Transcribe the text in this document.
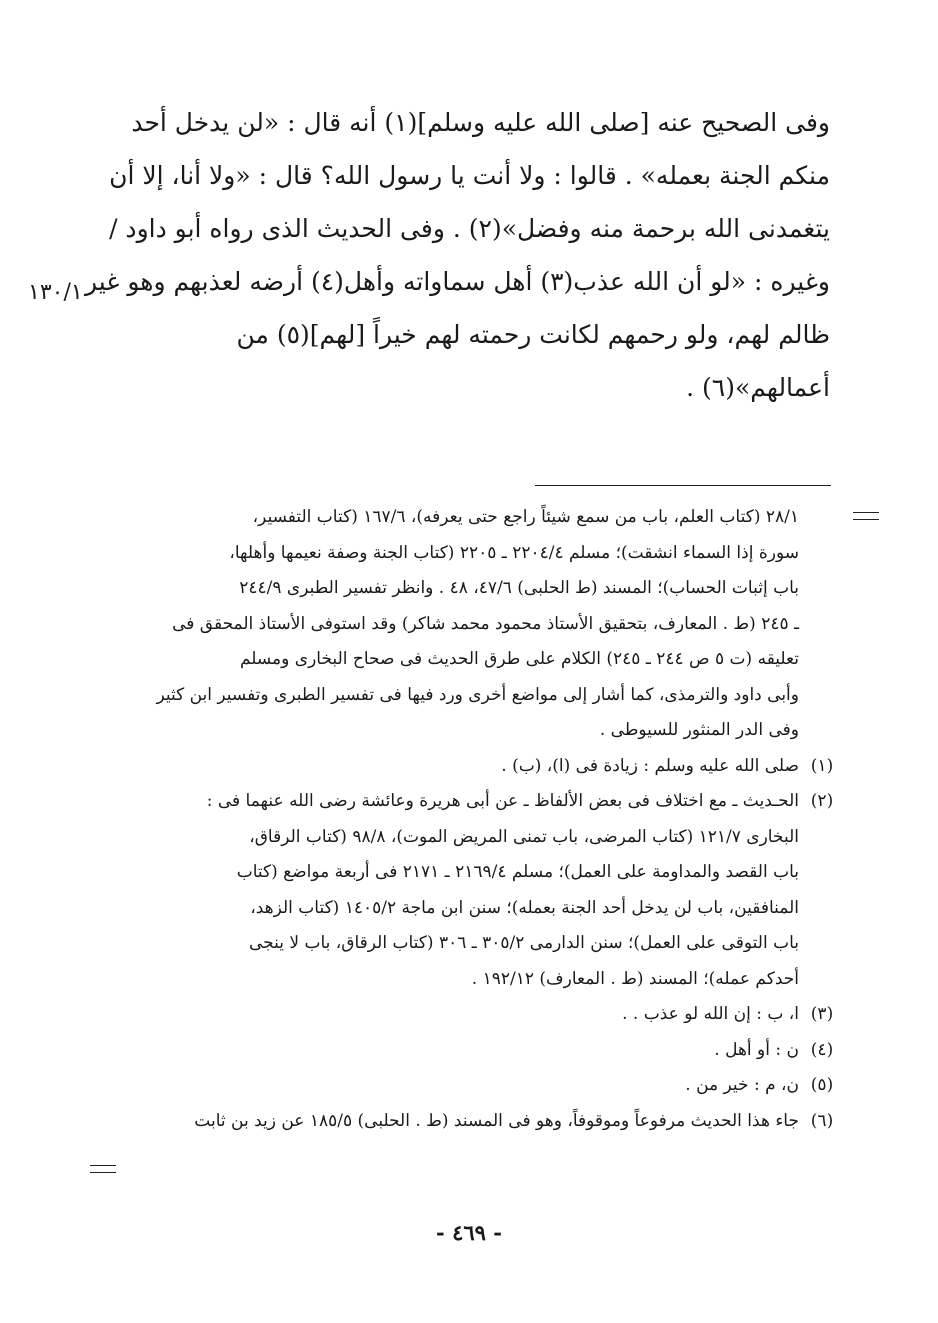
وفى الصحيح عنه [صلى الله عليه وسلم](١) أنه قال : «لن يدخل أحد
منكم الجنة بعمله» . قالوا : ولا أنت يا رسول الله؟ قال : «ولا أنا، إلا أن
يتغمدنى الله برحمة منه وفضل»(٢) . وفى الحديث الذى رواه أبو داود /
وغيره : «لو أن الله عذب(٣) أهل سماواته وأهل(٤) أرضه لعذبهم وهو غير
ظالم لهم، ولو رحمهم لكانت رحمته لهم خيراً [لهم](٥) من
أعمالهم»(٦) .
١٣٠/١
٢٨/١ (كتاب العلم، باب من سمع شيئاً راجع حتى يعرفه)، ١٦٧/٦ (كتاب التفسير،
سورة إذا السماء انشقت)؛ مسلم ٢٢٠٤/٤ ـ ٢٢٠٥ (كتاب الجنة وصفة نعيمها وأهلها،
باب إثبات الحساب)؛ المسند (ط الحلبى) ٤٧/٦، ٤٨ . وانظر تفسير الطبرى ٢٤٤/٩
ـ ٢٤٥ (ط . المعارف، بتحقيق الأستاذ محمود محمد شاكر) وقد استوفى الأستاذ المحقق فى
تعليقه (ت ٥ ص ٢٤٤ ـ ٢٤٥) الكلام على طرق الحديث فى صحاح البخارى ومسلم
وأبى داود والترمذى، كما أشار إلى مواضع أخرى ورد فيها فى تفسير الطبرى وتفسير ابن كثير
وفى الدر المنثور للسيوطى .
(١)
صلى الله عليه وسلم : زيادة فى (ا)، (ب) .
(٢)
الحـديث ـ مع اختلاف فى بعض الألفاظ ـ عن أبى هريرة وعائشة رضى الله عنهما فى :
البخارى ١٢١/٧ (كتاب المرضى، باب تمنى المريض الموت)، ٩٨/٨ (كتاب الرقاق،
باب القصد والمداومة على العمل)؛ مسلم ٢١٦٩/٤ ـ ٢١٧١ فى أربعة مواضع (كتاب
المنافقين، باب لن يدخل أحد الجنة بعمله)؛ سنن ابن ماجة ١٤٠٥/٢ (كتاب الزهد،
باب التوقى على العمل)؛ سنن الدارمى ٣٠٥/٢ ـ ٣٠٦ (كتاب الرقاق، باب لا ينجى
أحدكم عمله)؛ المسند (ط . المعارف) ١٩٢/١٢ .
(٣)
ا، ب : إن الله لو عذب . .
(٤)
ن : أو أهل .
(٥)
ن، م : خير من .
(٦)
جاء هذا الحديث مرفوعاً وموقوفاً، وهو فى المسند (ط . الحلبى) ١٨٥/٥ عن زيد بن ثابت
- ٤٦٩ -
